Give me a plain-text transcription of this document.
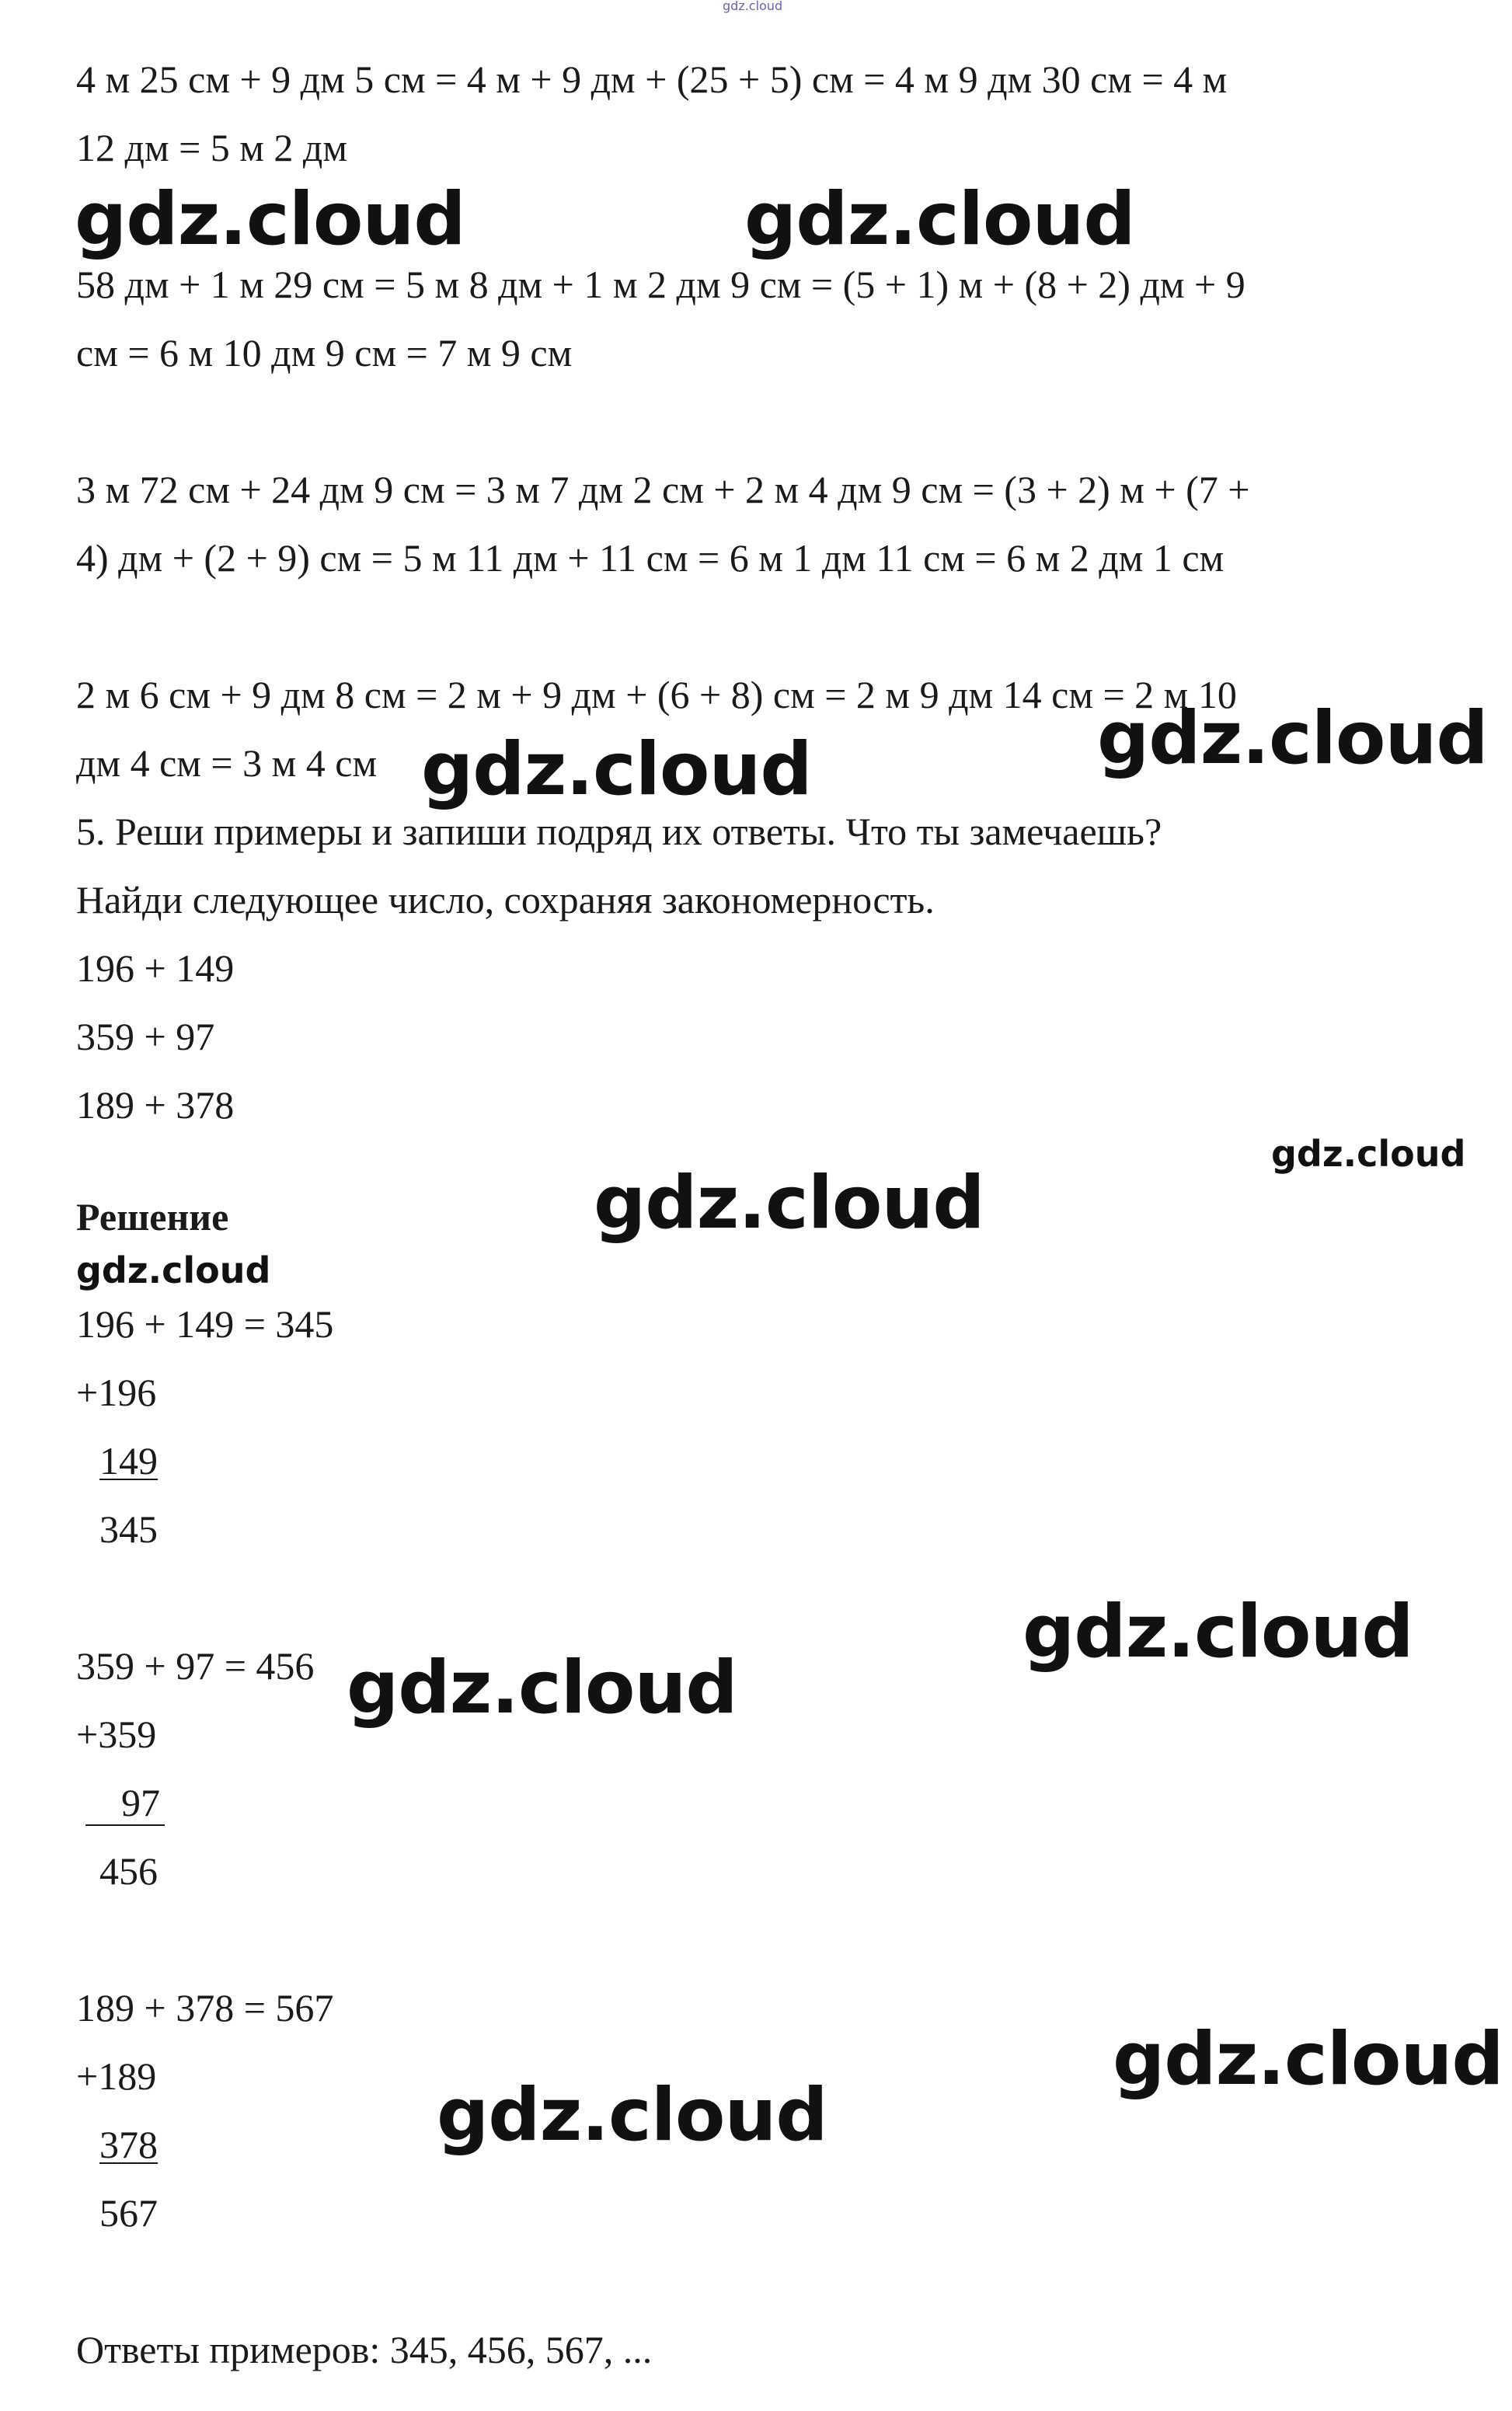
gdz.cloud

4 м 25 см + 9 дм 5 см = 4 м + 9 дм + (25 + 5) см = 4 м 9 дм 30 см = 4 м

12 дм = 5 м 2 дм

58 дм + 1 м 29 см = 5 м 8 дм + 1 м 2 дм 9 см = (5 + 1) м + (8 + 2) дм + 9

см = 6 м 10 дм 9 см = 7 м 9 см

3 м 72 см + 24 дм 9 см = 3 м 7 дм 2 см + 2 м 4 дм 9 см = (3 + 2) м + (7 +

4) дм + (2 + 9) см = 5 м 11 дм + 11 см = 6 м 1 дм 11 см = 6 м 2 дм 1 см

2 м 6 см + 9 дм 8 см = 2 м + 9 дм + (6 + 8) см = 2 м 9 дм 14 см = 2 м 10

дм 4 см = 3 м 4 см

5. Реши примеры и запиши подряд их ответы. Что ты замечаешь?

Найди следующее число, сохраняя закономерность.

196 + 149

359 + 97

189 + 378

Решение

196 + 149 = 345

+196

149

345

359 + 97 = 456

+359

97

456

189 + 378 = 567

+189

378

567

Ответы примеров: 345, 456, 567, ...

gdz.cloud	gdz.cloud
gdz.cloud
gdz.cloud
gdz.cloud
gdz.cloud
gdz.cloud
gdz.cloud
gdz.cloud
gdz.cloud
gdz.cloud
